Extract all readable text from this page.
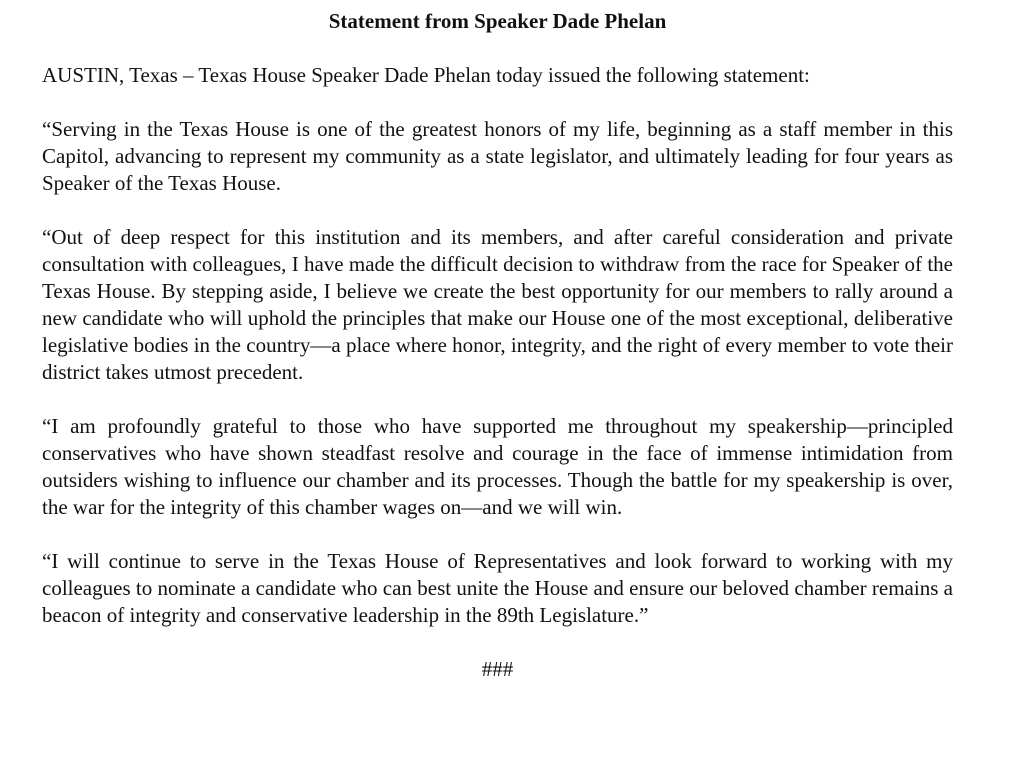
Statement from Speaker Dade Phelan

AUSTIN, Texas – Texas House Speaker Dade Phelan today issued the following statement:

“Serving in the Texas House is one of the greatest honors of my life, beginning as a staff member in this Capitol, advancing to represent my community as a state legislator, and ultimately leading for four years as Speaker of the Texas House.

“Out of deep respect for this institution and its members, and after careful consideration and private consultation with colleagues, I have made the difficult decision to withdraw from the race for Speaker of the Texas House. By stepping aside, I believe we create the best opportunity for our members to rally around a new candidate who will uphold the principles that make our House one of the most exceptional, deliberative legislative bodies in the country—a place where honor, integrity, and the right of every member to vote their district takes utmost precedent.

“I am profoundly grateful to those who have supported me throughout my speakership—principled conservatives who have shown steadfast resolve and courage in the face of immense intimidation from outsiders wishing to influence our chamber and its processes. Though the battle for my speakership is over, the war for the integrity of this chamber wages on—and we will win.

“I will continue to serve in the Texas House of Representatives and look forward to working with my colleagues to nominate a candidate who can best unite the House and ensure our beloved chamber remains a beacon of integrity and conservative leadership in the 89th Legislature.”

###
